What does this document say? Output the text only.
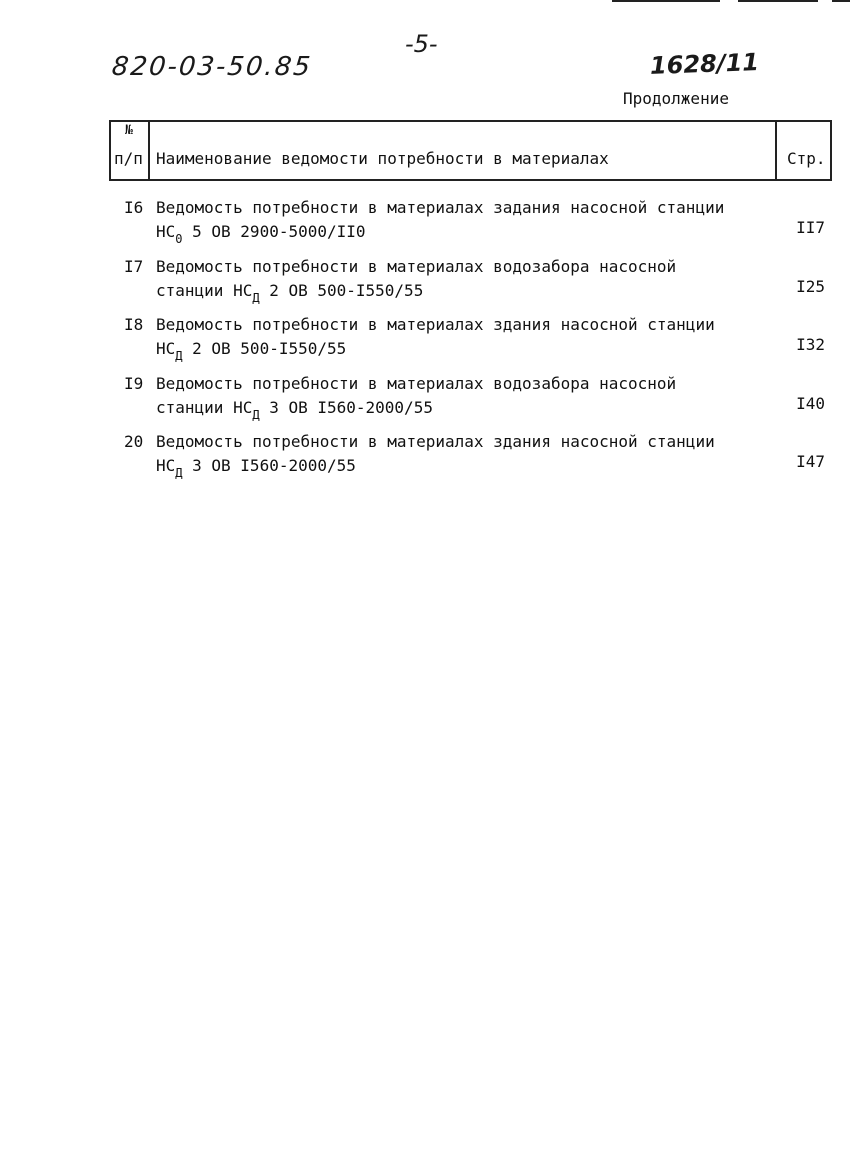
820-03-50.85
-5-
1628/11
Продолжение
№
п/п Наименование ведомости потребности в материалах	Стр.
I6 Ведомость потребности в материалах задания насосной станции
$НС_0$ 5 ОВ 2900-5000/II0	II7
I7 Ведомость потребности в материалах водозабора насосной
станции $НС_Д$ 2 ОВ 500-I550/55	I25
I8 Ведомость потребности в материалах здания насосной станции
$НС_Д$ 2 ОВ 500-I550/55	I32
I9 Ведомость потребности в материалах водозабора насосной
станции $НС_Д$ 3 ОВ I560-2000/55	I40
20 Ведомость потребности в материалах здания насосной станции
$НС_Д$ 3 ОВ I560-2000/55	I47
